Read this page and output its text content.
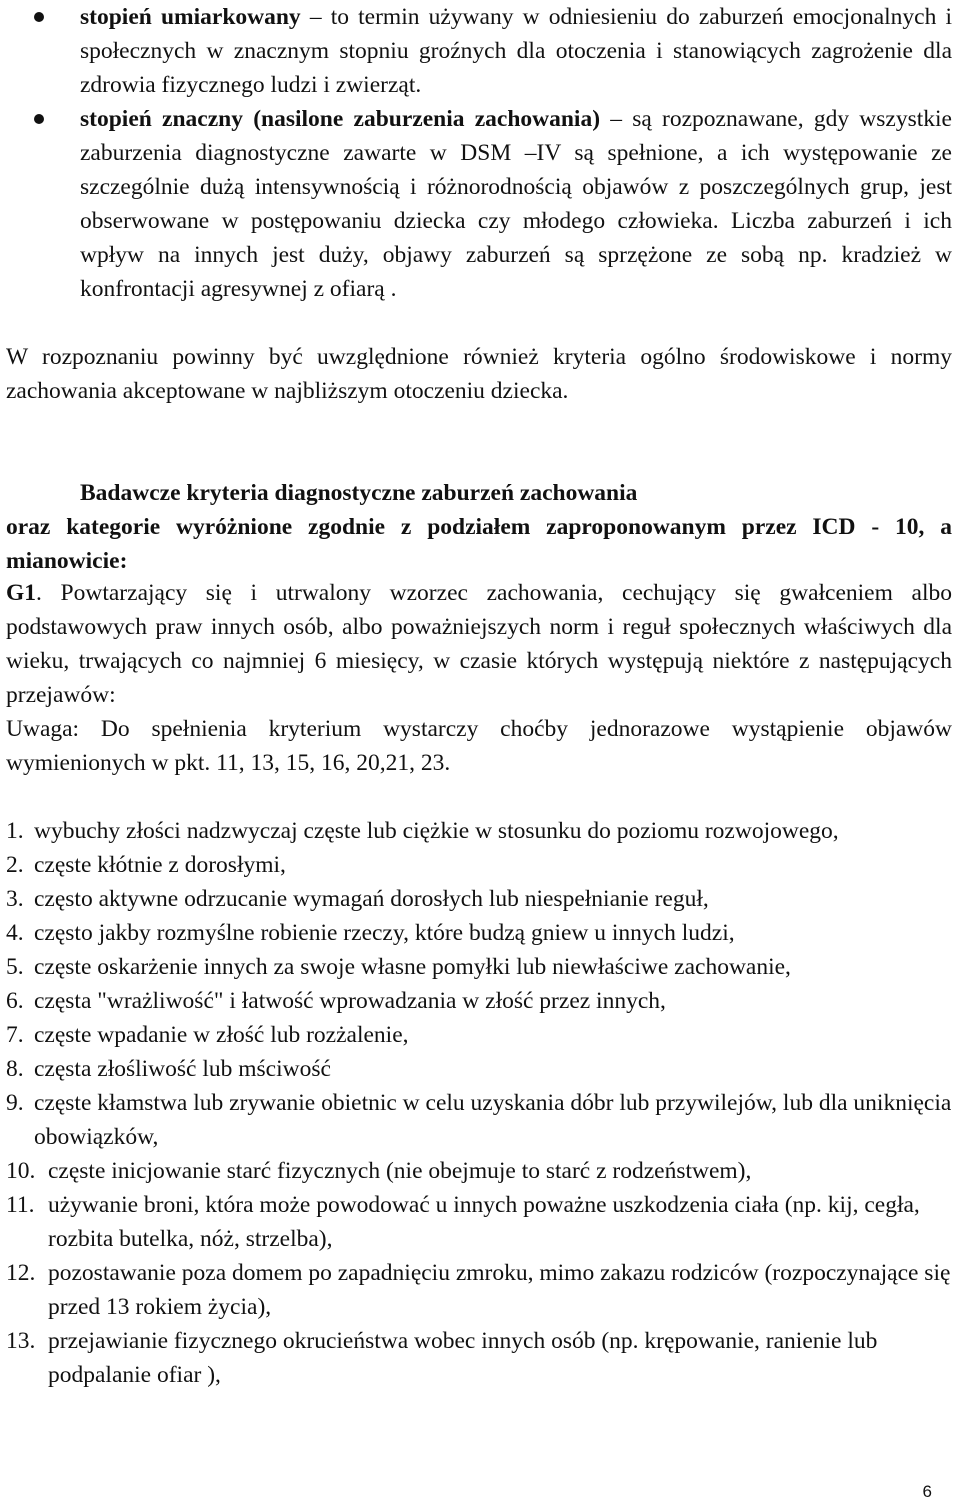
stopień umiarkowany – to termin używany w odniesieniu do zaburzeń emocjonalnych i społecznych w znacznym stopniu groźnych dla otoczenia i stanowiących zagrożenie dla zdrowia fizycznego ludzi i zwierząt.
stopień znaczny (nasilone zaburzenia zachowania) – są rozpoznawane, gdy wszystkie zaburzenia diagnostyczne zawarte w DSM –IV są spełnione, a ich występowanie ze szczególnie dużą intensywnością i różnorodnością objawów z poszczególnych grup, jest obserwowane w postępowaniu dziecka czy młodego człowieka. Liczba zaburzeń i ich wpływ na innych jest duży, objawy zaburzeń są sprzężone ze sobą np. kradzież w konfrontacji agresywnej z ofiarą .

W rozpoznaniu powinny być uwzględnione również kryteria ogólno środowiskowe i normy zachowania akceptowane w najbliższym otoczeniu dziecka.

Badawcze kryteria diagnostyczne zaburzeń zachowania
oraz kategorie wyróżnione zgodnie z podziałem zaproponowanym przez ICD - 10, a mianowicie:

G1. Powtarzający się i utrwalony wzorzec zachowania, cechujący się gwałceniem albo podstawowych praw innych osób, albo poważniejszych norm i reguł społecznych właściwych dla wieku, trwających co najmniej 6 miesięcy, w czasie których występują niektóre z następujących przejawów:

Uwaga: Do spełnienia kryterium wystarczy choćby jednorazowe wystąpienie objawów wymienionych w pkt. 11, 13, 15, 16, 20,21, 23.

1. wybuchy złości nadzwyczaj częste lub ciężkie w stosunku do poziomu rozwojowego,
2. częste kłótnie z dorosłymi,
3. często aktywne odrzucanie wymagań dorosłych lub niespełnianie reguł,
4. często jakby rozmyślne robienie rzeczy, które budzą gniew u innych ludzi,
5. częste oskarżenie innych za swoje własne pomyłki lub niewłaściwe zachowanie,
6. częsta "wrażliwość" i łatwość wprowadzania w złość przez innych,
7. częste wpadanie w złość lub rozżalenie,
8. częsta złośliwość lub mściwość
9. częste kłamstwa lub zrywanie obietnic w celu uzyskania dóbr lub przywilejów, lub dla uniknięcia obowiązków,
10. częste inicjowanie starć fizycznych (nie obejmuje to starć z rodzeństwem),
11. używanie broni, która może powodować u innych poważne uszkodzenia ciała (np. kij, cegła, rozbita butelka, nóż, strzelba),
12. pozostawanie poza domem po zapadnięciu zmroku, mimo zakazu rodziców (rozpoczynające się przed 13 rokiem życia),
13. przejawianie fizycznego okrucieństwa wobec innych osób (np. krępowanie, ranienie lub podpalanie ofiar ),
6
